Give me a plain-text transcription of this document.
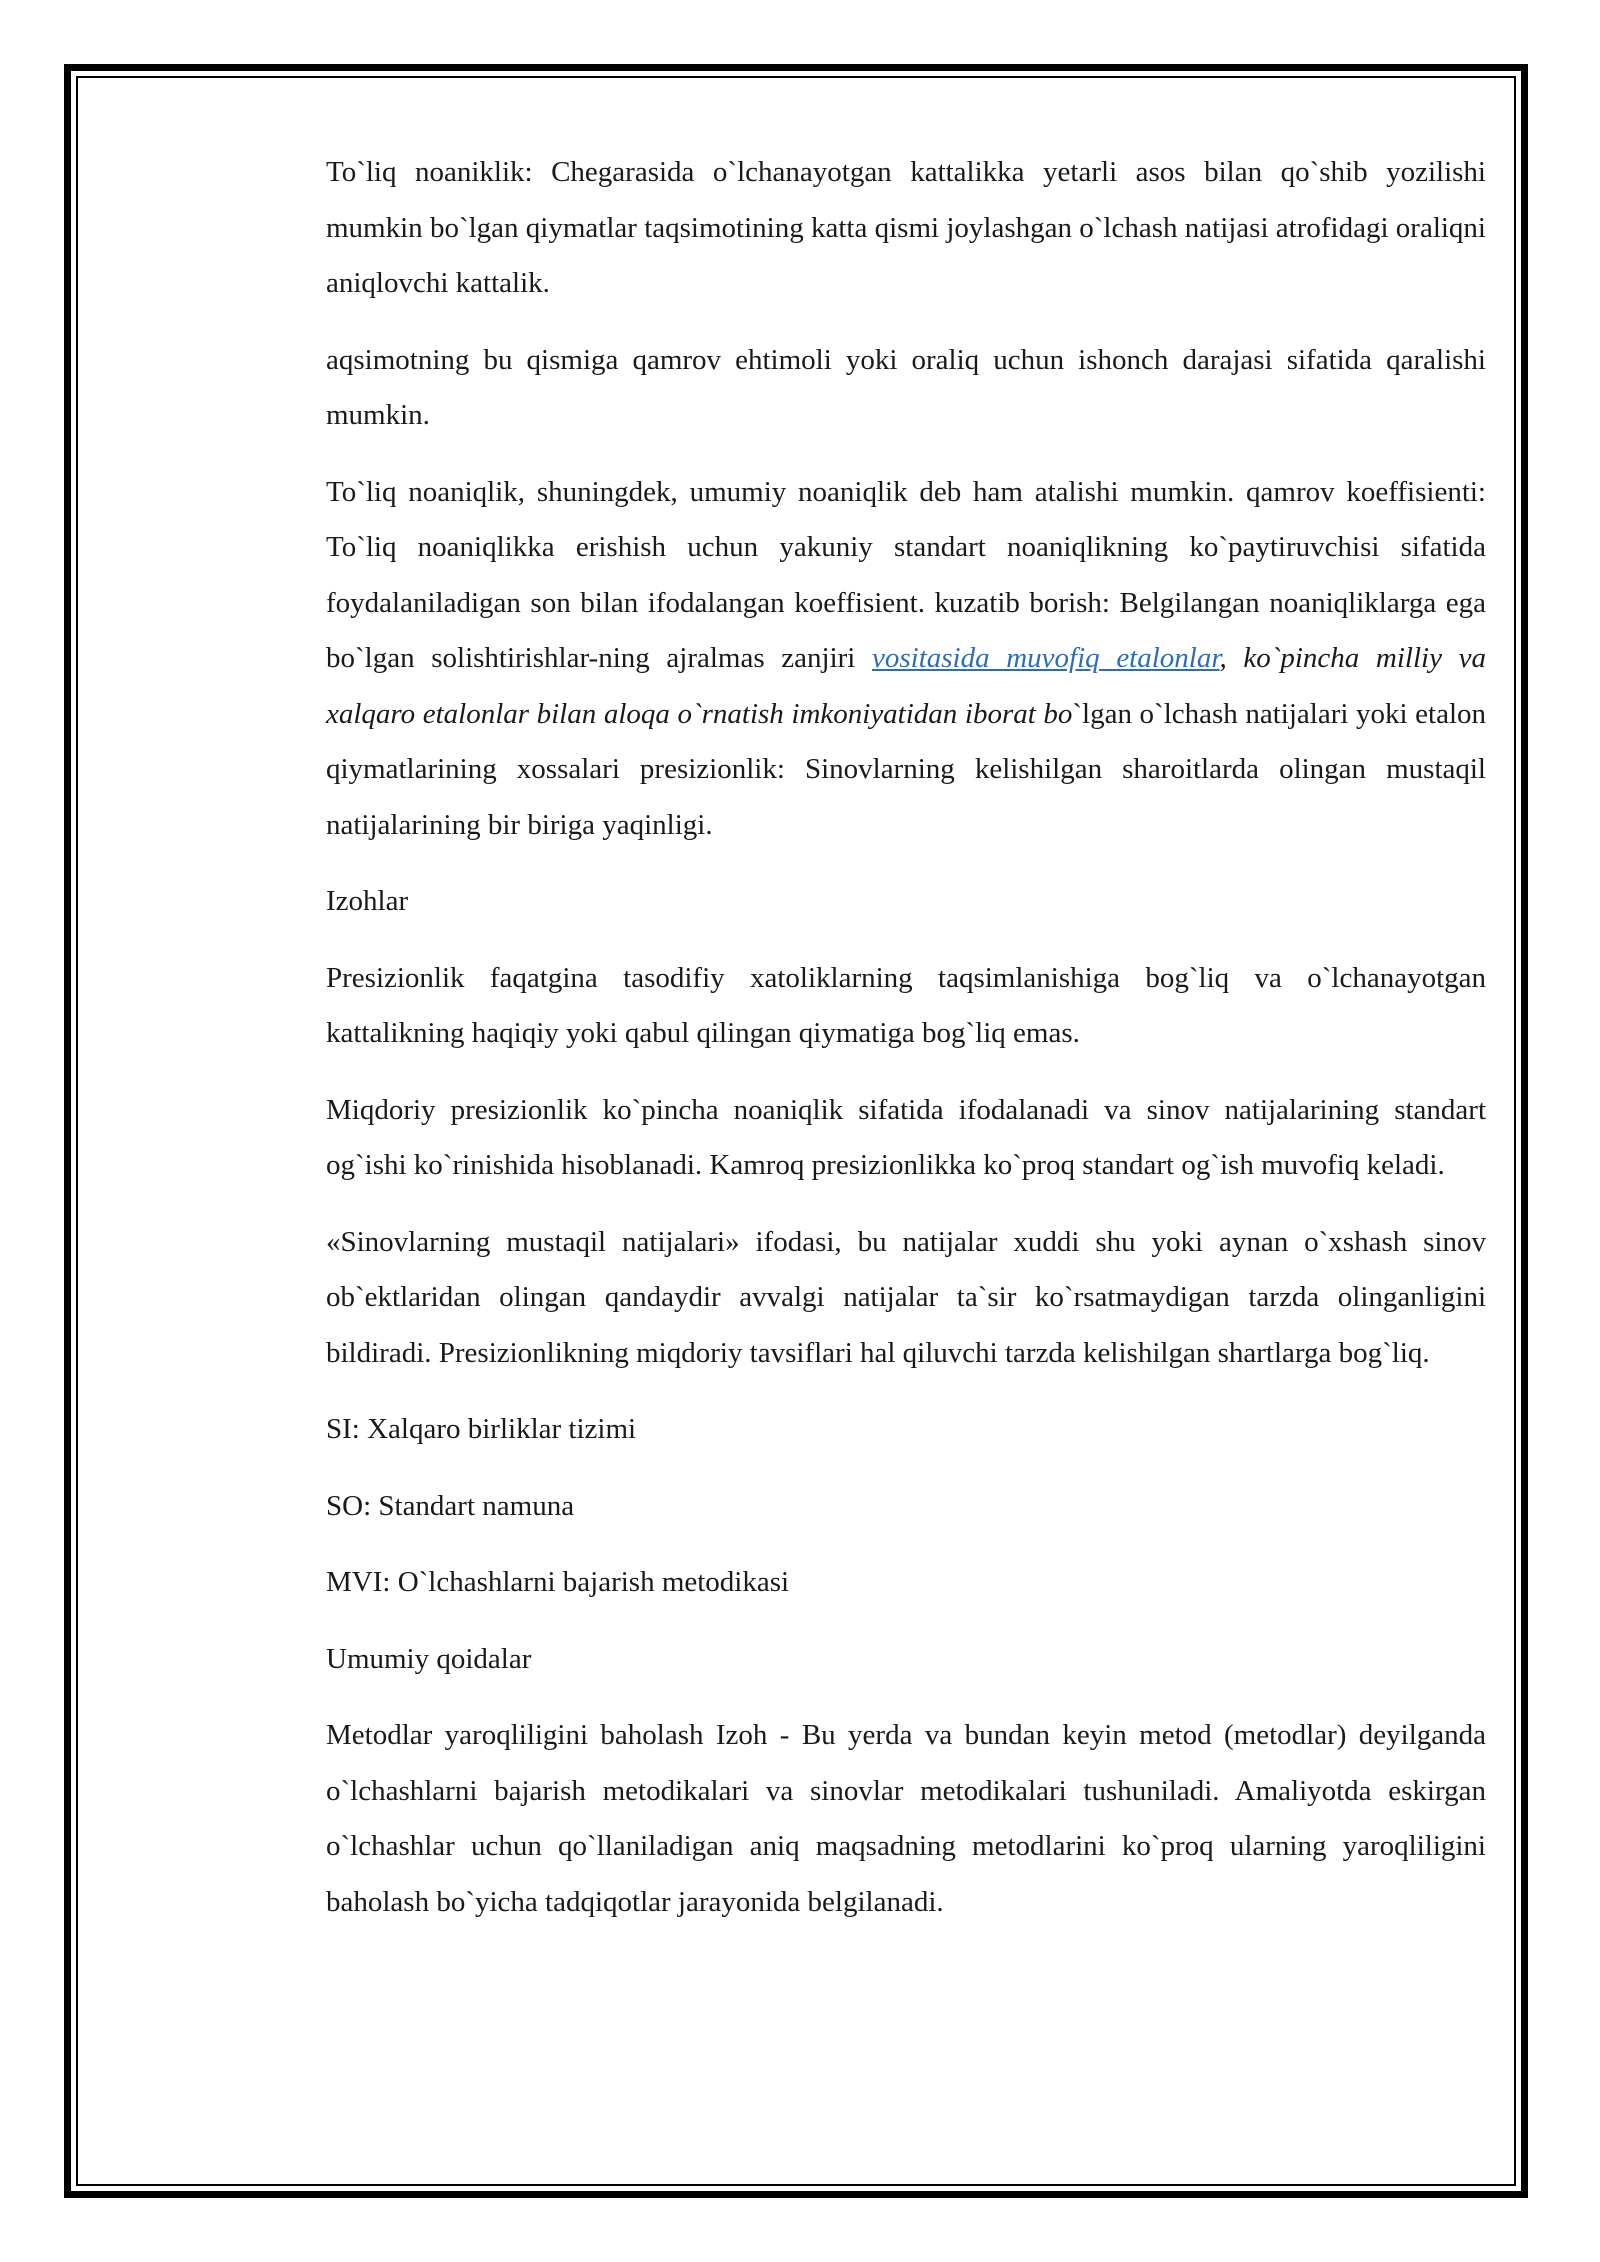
To`liq noaniklik: Chegarasida o`lchanayotgan kattalikka yetarli asos bilan qo`shib yozilishi mumkin bo`lgan qiymatlar taqsimotining katta qismi joylashgan o`lchash natijasi atrofidagi oraliqni aniqlovchi kattalik.

aqsimotning bu qismiga qamrov ehtimoli yoki oraliq uchun ishonch darajasi sifatida qaralishi mumkin.

To`liq noaniqlik, shuningdek, umumiy noaniqlik deb ham atalishi mumkin. qamrov koeffisienti: To`liq noaniqlikka erishish uchun yakuniy standart noaniqlikning ko`paytiruvchisi sifatida foydalaniladigan son bilan ifodalangan koeffisient. kuzatib borish: Belgilangan noaniqliklarga ega bo`lgan solishtirishlar-ning ajralmas zanjiri vositasida muvofiq etalonlar, ko`pincha milliy va xalqaro etalonlar bilan aloqa o`rnatish imkoniyatidan iborat bo`lgan o`lchash natijalari yoki etalon qiymatlarining xossalari presizionlik: Sinovlarning kelishilgan sharoitlarda olingan mustaqil natijalarining bir biriga yaqinligi.

Izohlar

Presizionlik faqatgina tasodifiy xatoliklarning taqsimlanishiga bog`liq va o`lchanayotgan kattalikning haqiqiy yoki qabul qilingan qiymatiga bog`liq emas.

Miqdoriy presizionlik ko`pincha noaniqlik sifatida ifodalanadi va sinov natijalarining standart og`ishi ko`rinishida hisoblanadi. Kamroq presizionlikka ko`proq standart og`ish muvofiq keladi.

«Sinovlarning mustaqil natijalari» ifodasi, bu natijalar xuddi shu yoki aynan o`xshash sinov ob`ektlaridan olingan qandaydir avvalgi natijalar ta`sir ko`rsatmaydigan tarzda olinganligini bildiradi. Presizionlikning miqdoriy tavsiflari hal qiluvchi tarzda kelishilgan shartlarga bog`liq.

SI: Xalqaro birliklar tizimi

SO: Standart namuna

MVI: O`lchashlarni bajarish metodikasi

Umumiy qoidalar

Metodlar yaroqliligini baholash Izoh - Bu yerda va bundan keyin metod (metodlar) deyilganda o`lchashlarni bajarish metodikalari va sinovlar metodikalari tushuniladi. Amaliyotda eskirgan o`lchashlar uchun qo`llaniladigan aniq maqsadning metodlarini ko`proq ularning yaroqliligini baholash bo`yicha tadqiqotlar jarayonida belgilanadi.
